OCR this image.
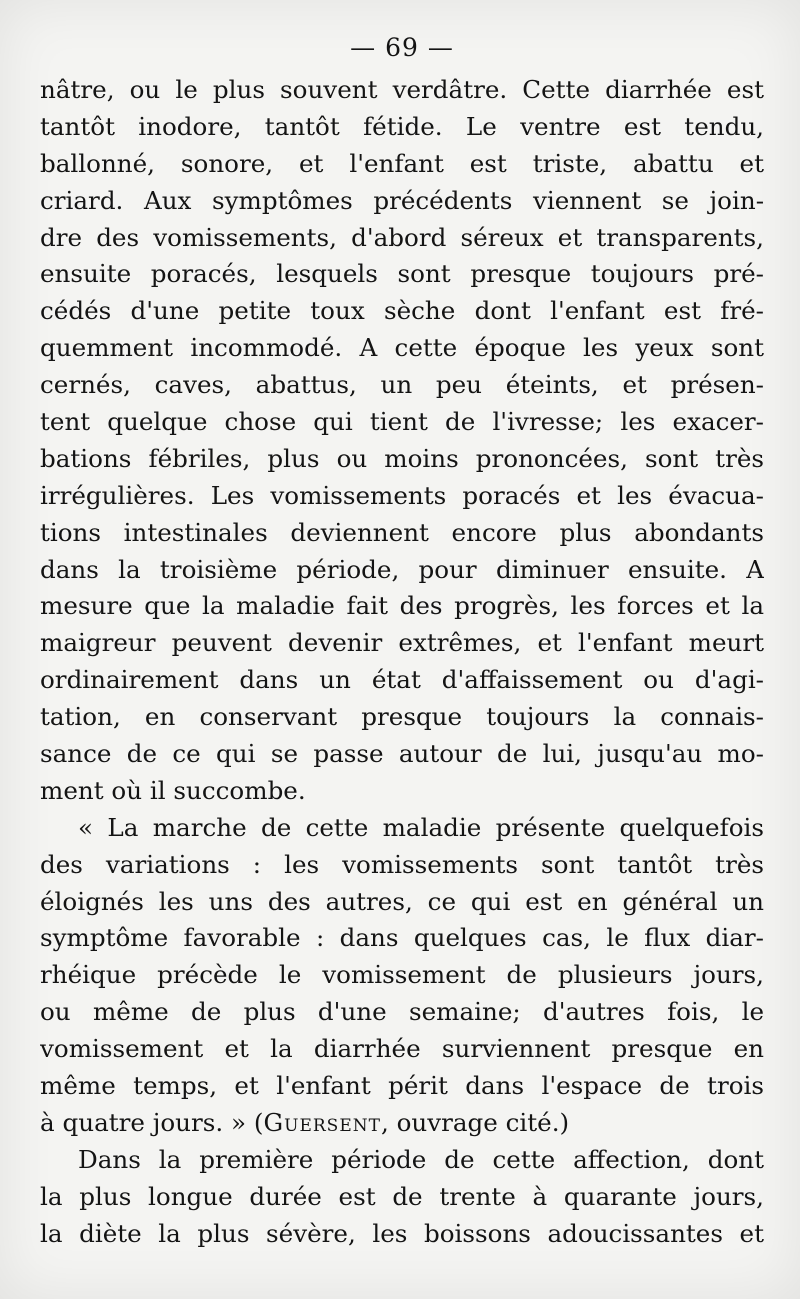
— 69 —

nâtre, ou le plus souvent verdâtre. Cette diarrhée est
tantôt inodore, tantôt fétide. Le ventre est tendu,
ballonné, sonore, et l'enfant est triste, abattu et
criard. Aux symptômes précédents viennent se join-
dre des vomissements, d'abord séreux et transparents,
ensuite poracés, lesquels sont presque toujours pré-
cédés d'une petite toux sèche dont l'enfant est fré-
quemment incommodé. A cette époque les yeux sont
cernés, caves, abattus, un peu éteints, et présen-
tent quelque chose qui tient de l'ivresse; les exacer-
bations fébriles, plus ou moins prononcées, sont très
irrégulières. Les vomissements poracés et les évacua-
tions intestinales deviennent encore plus abondants
dans la troisième période, pour diminuer ensuite. A
mesure que la maladie fait des progrès, les forces et la
maigreur peuvent devenir extrêmes, et l'enfant meurt
ordinairement dans un état d'affaissement ou d'agi-
tation, en conservant presque toujours la connais-
sance de ce qui se passe autour de lui, jusqu'au mo-
ment où il succombe.

« La marche de cette maladie présente quelquefois
des variations : les vomissements sont tantôt très
éloignés les uns des autres, ce qui est en général un
symptôme favorable : dans quelques cas, le flux diar-
rhéique précède le vomissement de plusieurs jours,
ou même de plus d'une semaine; d'autres fois, le
vomissement et la diarrhée surviennent presque en
même temps, et l'enfant périt dans l'espace de trois
à quatre jours. » (Guersent, ouvrage cité.)

Dans la première période de cette affection, dont
la plus longue durée est de trente à quarante jours,
la diète la plus sévère, les boissons adoucissantes et
